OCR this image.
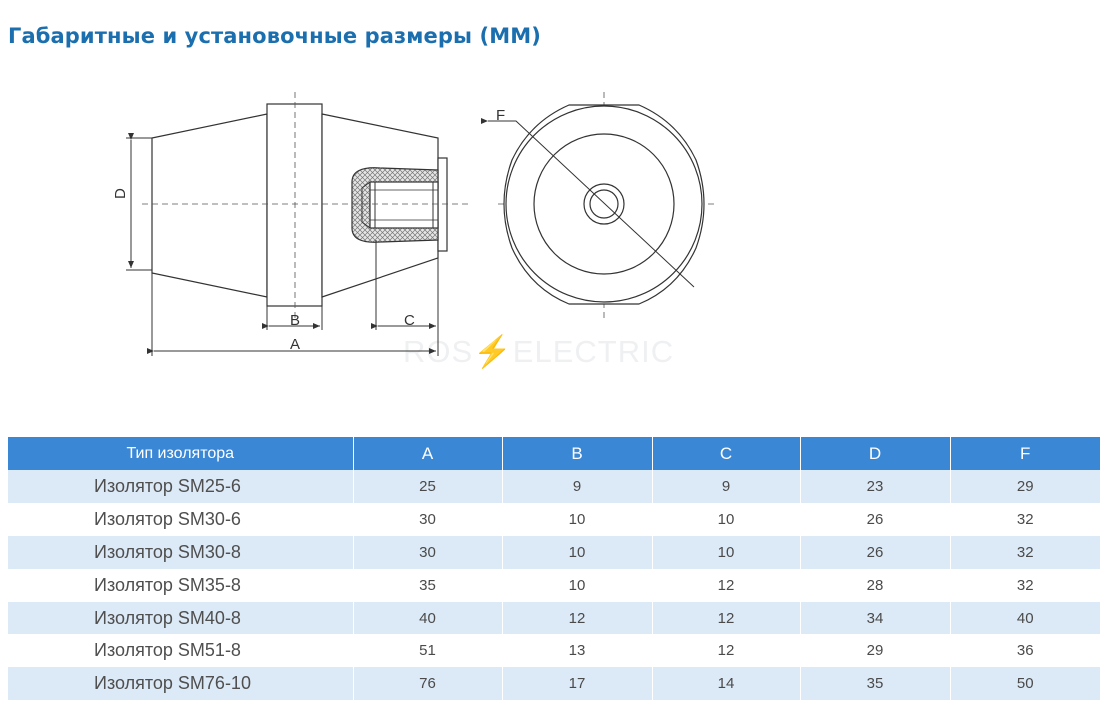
Габаритные и установочные размеры (ММ)
ROS⚡ELECTRIC
D
B	C
A
F
Тип изолятора	A	B	C	D	F
Изолятор SM25-6	25	9	9	23	29
Изолятор SM30-6	30	10	10	26	32
Изолятор SM30-8	30	10	10	26	32
Изолятор SM35-8	35	10	12	28	32
Изолятор SM40-8	40	12	12	34	40
Изолятор SM51-8	51	13	12	29	36
Изолятор SM76-10	76	17	14	35	50
